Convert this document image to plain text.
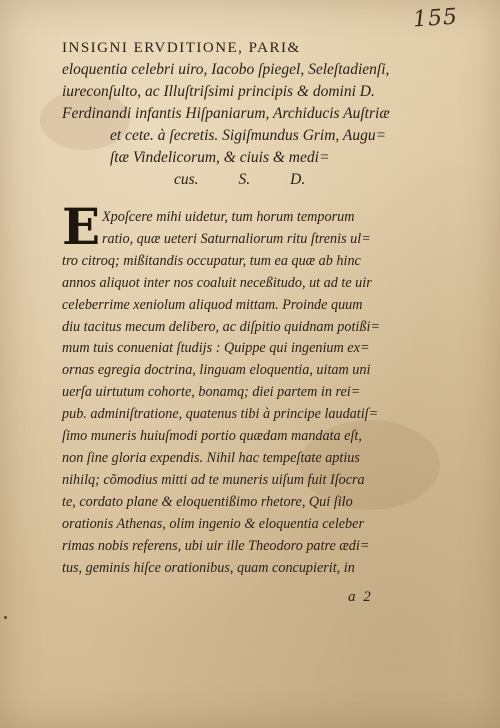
155
INSIGNI ERVDITIONE, PARI&
eloquentia celebri uiro, Iacobo ſpiegel, Seleſtadienſi,
iureconſulto, ac Illuſtriſsimi principis & domini D.
Ferdinandi infantis Hiſpaniarum, Archiducis Auſtriæ
et cete. à ſecretis. Sigiſmundus Grim, Augu=
ſtæ Vindelicorum, & ciuis & medi=
cus.	S.	D.
E Xpoſcere mihi uidetur, tum horum temporum
ratio, quæ ueteri Saturnaliorum ritu ſtrenis ul=
tro citroq; mißitandis occupatur, tum ea quæ ab hinc
annos aliquot inter nos coaluit neceßitudo, ut ad te uir
celeberrime xeniolum aliquod mittam. Proinde quum
diu tacitus mecum delibero, ac diſpitio quidnam potißi=
mum tuis conueniat ſtudijs : Quippe qui ingenium ex=
ornas egregia doctrina, linguam eloquentia, uitam uni
uerſa uirtutum cohorte, bonamq; diei partem in rei=
pub. adminiſtratione, quatenus tibi à principe laudatiſ=
ſimo muneris huiuſmodi portio quædam mandata eſt,
non ſine gloria expendis. Nihil hac tempeſtate aptius
nihilq; cõmodius mitti ad te muneris uiſum fuit Iſocra
te, cordato plane & eloquentißimo rhetore, Qui ſilo
orationis Athenas, olim ingenio & eloquentia celeber
rimas nobis referens, ubi uir ille Theodoro patre ædi=
tus, geminis hiſce orationibus, quam concupierit, in
a 2
